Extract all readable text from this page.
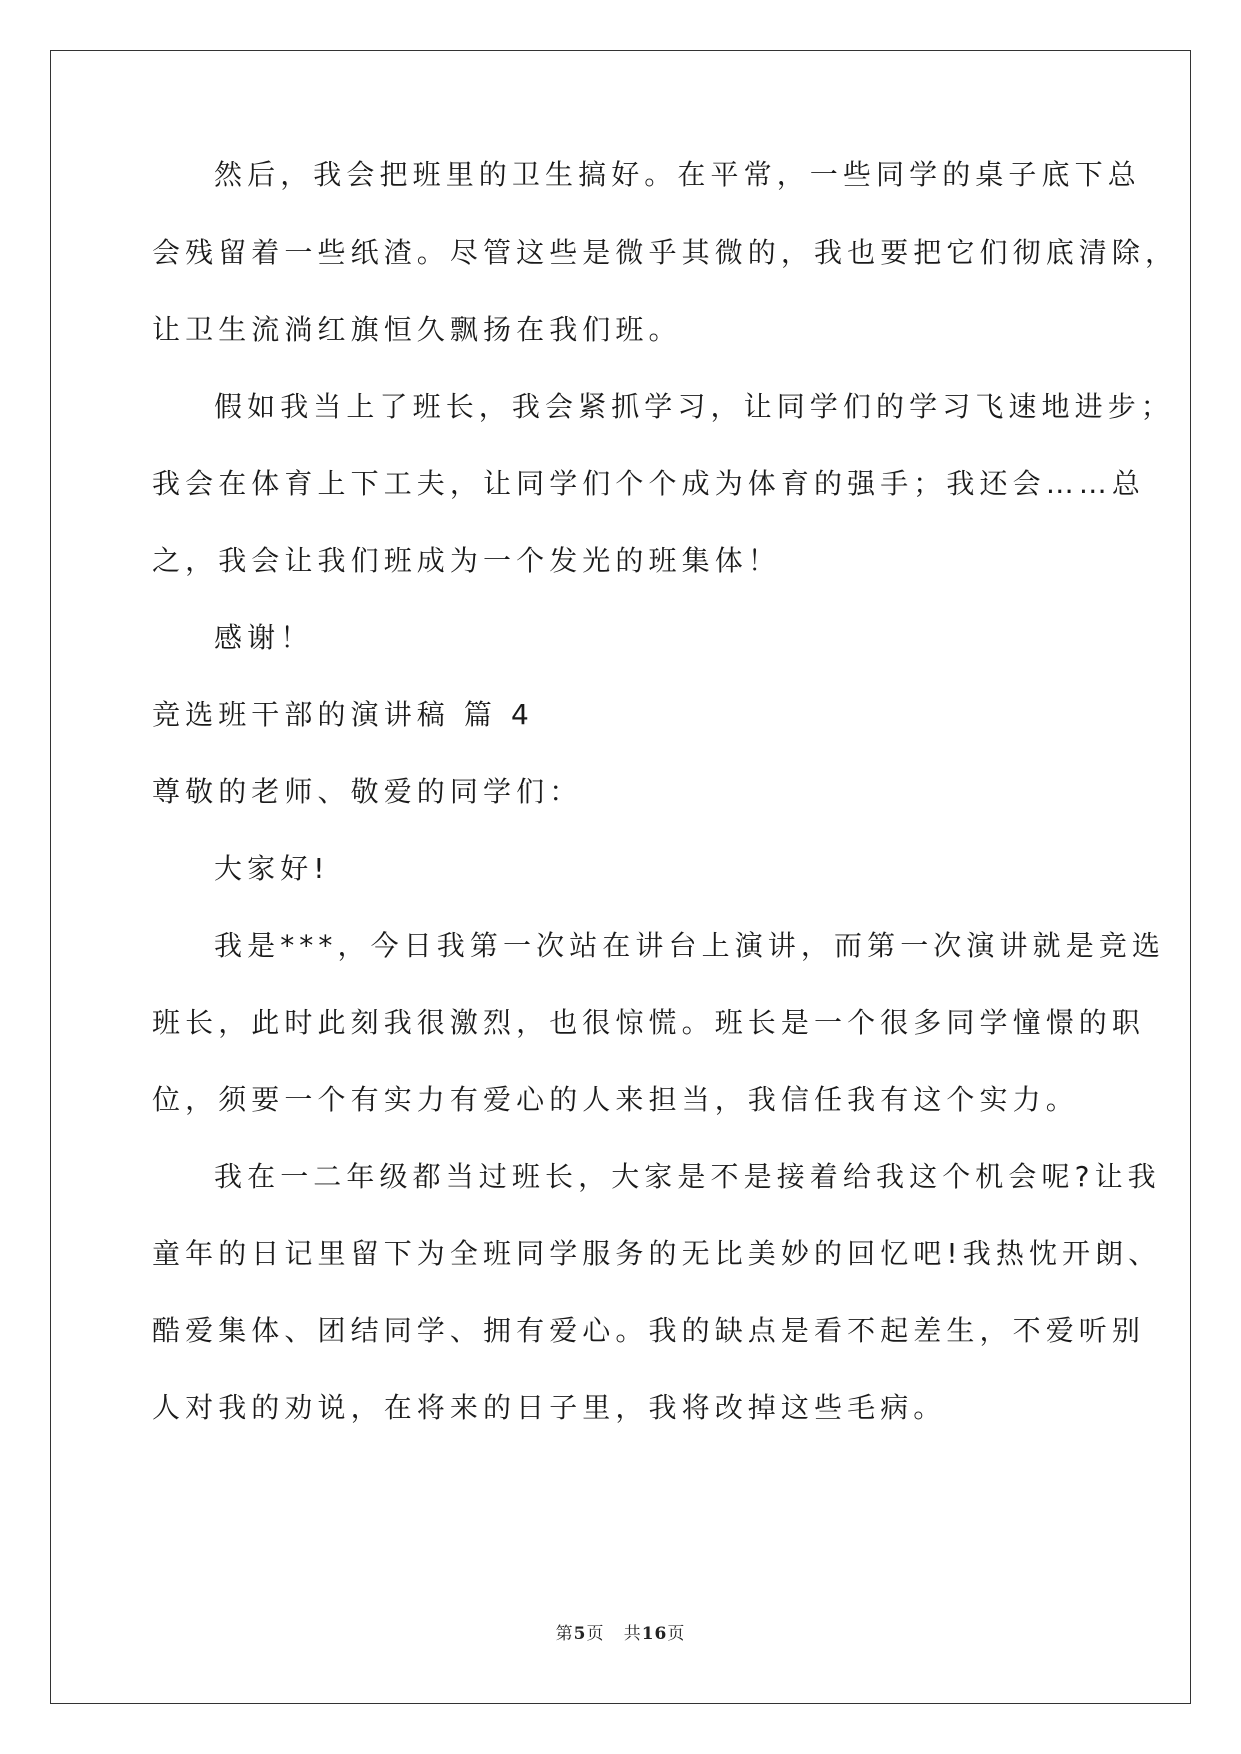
然后，我会把班里的卫生搞好。在平常，一些同学的桌子底下总
会残留着一些纸渣。尽管这些是微乎其微的，我也要把它们彻底清除，
让卫生流淌红旗恒久飘扬在我们班。
假如我当上了班长，我会紧抓学习，让同学们的学习飞速地进步；
我会在体育上下工夫，让同学们个个成为体育的强手；我还会……总
之，我会让我们班成为一个发光的班集体！
感谢！
竞选班干部的演讲稿 篇 4
尊敬的老师、敬爱的同学们：
大家好!
我是***，今日我第一次站在讲台上演讲，而第一次演讲就是竞选
班长，此时此刻我很激烈，也很惊慌。班长是一个很多同学憧憬的职
位，须要一个有实力有爱心的人来担当，我信任我有这个实力。
我在一二年级都当过班长，大家是不是接着给我这个机会呢?让我
童年的日记里留下为全班同学服务的无比美妙的回忆吧!我热忱开朗、
酷爱集体、团结同学、拥有爱心。我的缺点是看不起差生，不爱听别
人对我的劝说，在将来的日子里，我将改掉这些毛病。
第5页 共16页
